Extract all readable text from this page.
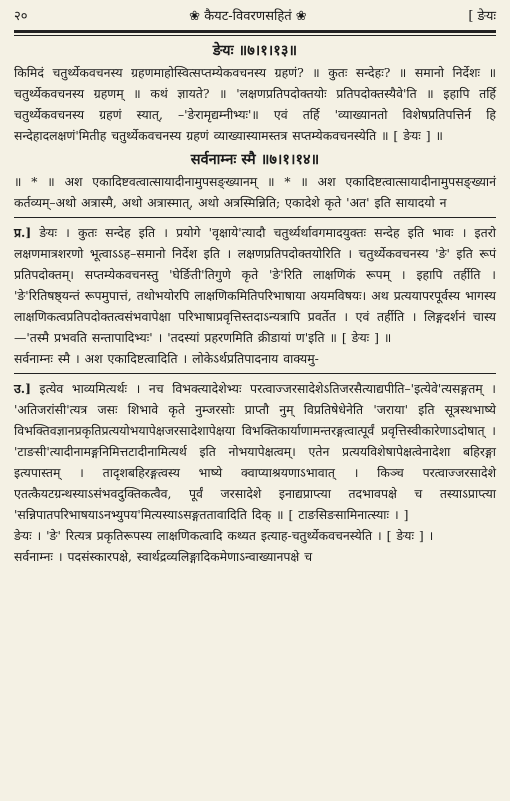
२०	❀ कैयट-विवरणसहितं ❀	[ ङेयः
ङेयः ॥७।१।१३॥

किमिदं चतुर्थ्येकवचनस्य ग्रहणमाहोस्वित्सप्तम्येकवचनस्य ग्रहणं? ॥ कुतः सन्देहः? ॥ समानो निर्देशः ॥ चतुर्थ्येकवचनस्य ग्रहणम् ॥ कथं ज्ञायते? ॥ 'लक्षणप्रतिपदोक्तयोः प्रतिपदोक्तस्यैवे'ति ॥ इहापि तर्हि चतुर्थ्येकवचनस्य ग्रहणं स्यात्, –'ङेरामृद्यम्नीभ्यः'॥ एवं तर्हि 'व्याख्यानतो विशेषप्रतिपत्तिर्न हि सन्देहादलक्षणं'मितीह चतुर्थ्येकवचनस्य ग्रहणं व्याख्यास्यामस्तत्र सप्तम्येकवचनस्येति ॥ [ ङेयः ] ॥

सर्वनाम्नः स्मै ॥७।१।१४॥

॥ * ॥ अश एकादिष्टवत्वात्सायादीनामुपसङ्ख्यानम् ॥ * ॥ अश एकादिष्टत्वात्सायादीनामुपसङ्ख्यानं कर्तव्यम्–अथो अत्रास्मै, अथो अत्रास्मात्, अथो अत्रस्मिन्निति; एकादेशे कृते 'अत' इति सायादयो न

प्र.] ङेयः । कुतः सन्देह इति । प्रयोगे 'वृक्षाये'त्यादौ चतुर्थ्यर्थावगमादयुक्तः सन्देह इति भावः । इतरो लक्षणमात्रशरणो भूत्वाऽऽह–समानो निर्देश इति । लक्षणप्रतिपदोक्तयोरिति । चतुर्थ्येकवचनस्य 'ङे' इति रूपं प्रतिपदोक्तम्। सप्तम्येकवचनस्तु 'घेर्ङिती'तिगुणे कृते 'ङे'रिति लाक्षणिकं रूपम् । इहापि तर्हीति । 'ङे'रितिषष्ठ्यन्तं रूपमुपात्तं, तथोभयोरपि लाक्षणिकमितिपरिभाषाया अयमविषयः। अथ प्रत्ययापरपूर्वस्य भागस्य लाक्षणिकत्वप्रतिपदोक्तत्वसंभवापेक्षा परिभाषाप्रवृत्तिस्तदाऽन्यत्रापि प्रवर्तेत । एवं तर्हीति । लिङ्गदर्शनं चास्य—'तस्मै प्रभवति सन्तापादिभ्यः' । 'तदस्यां प्रहरणमिति क्रीडायां ण'इति ॥ [ ङेयः ] ॥

सर्वनाम्नः स्मै । अश एकादिष्टत्वादिति । लोकेऽर्थप्रतिपादनाय वाक्यमु-

उ.] इत्येव भाव्यमित्यर्थः । नच विभक्त्यादेशेभ्यः परत्वाज्जरसादेशेऽतिजरसैत्याद्यपीति–'इत्येवे'त्यसङ्गतम् । 'अतिजरांसी'त्यत्र जसः शिभावे कृते नुम्जरसोः प्राप्तौ नुम् विप्रतिषेधेनेति 'जराया' इति सूत्रस्थभाष्ये विभक्तिवज्ञानप्रकृतिप्रत्ययोभयापेक्षजरसादेशापेक्षया विभक्तिकार्याणामन्तरङ्गत्वात्पूर्वं प्रवृत्तिस्वीकारेणाऽदोषात् । 'टाङसी'त्यादीनामङ्गनिमित्तटादीनामित्यर्थ इति नोभयापेक्षत्वम्। एतेन प्रत्ययविशेषापेक्षत्वेनादेशा बहिरङ्गा इत्यपास्तम् । तादृशबहिरङ्गत्वस्य भाष्ये क्वाप्याश्रयणाऽभावात् । किञ्च परत्वाज्जरसादेशे एतत्कैयटग्रन्थस्याऽसंभवदुक्तिकत्वैव, पूर्वं जरसादेशे इनाद्यप्राप्त्या तदभावपक्षे च तस्याऽप्राप्त्या 'सन्निपातपरिभाषयाऽनभ्युपय'मित्यस्याऽसङ्गततावादिति दिक् ॥ [ टाङसिङसामिनात्स्याः । ]

ङेयः । 'ङे' रित्यत्र प्रकृतिरूपस्य लाक्षणिकत्वादि कथ्यत इत्याह-चतुर्थ्येकवचनस्येति । [ ङेयः ] ।

सर्वनाम्नः । पदसंस्कारपक्षे, स्वार्थद्रव्यलिङ्गादिकमेणाऽन्वाख्यानपक्षे च
